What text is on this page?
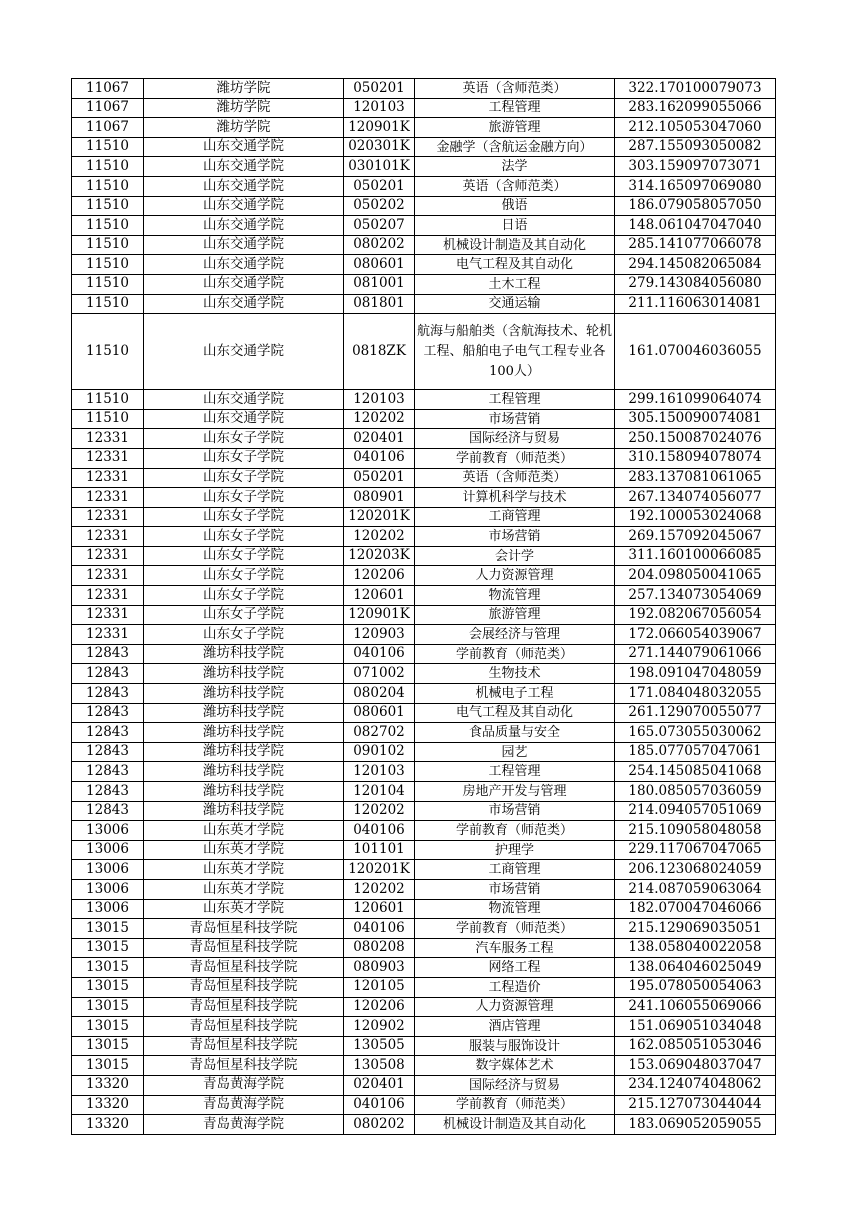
11067	潍坊学院	050201	英语（含师范类）	322.170100079073
11067	潍坊学院	120103	工程管理	283.162099055066
11067	潍坊学院	120901K	旅游管理	212.105053047060
11510	山东交通学院	020301K	金融学（含航运金融方向）	287.155093050082
11510	山东交通学院	030101K	法学	303.159097073071
11510	山东交通学院	050201	英语（含师范类）	314.165097069080
11510	山东交通学院	050202	俄语	186.079058057050
11510	山东交通学院	050207	日语	148.061047047040
11510	山东交通学院	080202	机械设计制造及其自动化	285.141077066078
11510	山东交通学院	080601	电气工程及其自动化	294.145082065084
11510	山东交通学院	081001	土木工程	279.143084056080
11510	山东交通学院	081801	交通运输	211.116063014081
11510	山东交通学院	0818ZK	航海与船舶类（含航海技术、轮机工程、船舶电子电气工程专业各100人）	161.070046036055
11510	山东交通学院	120103	工程管理	299.161099064074
11510	山东交通学院	120202	市场营销	305.150090074081
12331	山东女子学院	020401	国际经济与贸易	250.150087024076
12331	山东女子学院	040106	学前教育（师范类）	310.158094078074
12331	山东女子学院	050201	英语（含师范类）	283.137081061065
12331	山东女子学院	080901	计算机科学与技术	267.134074056077
12331	山东女子学院	120201K	工商管理	192.100053024068
12331	山东女子学院	120202	市场营销	269.157092045067
12331	山东女子学院	120203K	会计学	311.160100066085
12331	山东女子学院	120206	人力资源管理	204.098050041065
12331	山东女子学院	120601	物流管理	257.134073054069
12331	山东女子学院	120901K	旅游管理	192.082067056054
12331	山东女子学院	120903	会展经济与管理	172.066054039067
12843	潍坊科技学院	040106	学前教育（师范类）	271.144079061066
12843	潍坊科技学院	071002	生物技术	198.091047048059
12843	潍坊科技学院	080204	机械电子工程	171.084048032055
12843	潍坊科技学院	080601	电气工程及其自动化	261.129070055077
12843	潍坊科技学院	082702	食品质量与安全	165.073055030062
12843	潍坊科技学院	090102	园艺	185.077057047061
12843	潍坊科技学院	120103	工程管理	254.145085041068
12843	潍坊科技学院	120104	房地产开发与管理	180.085057036059
12843	潍坊科技学院	120202	市场营销	214.094057051069
13006	山东英才学院	040106	学前教育（师范类）	215.109058048058
13006	山东英才学院	101101	护理学	229.117067047065
13006	山东英才学院	120201K	工商管理	206.123068024059
13006	山东英才学院	120202	市场营销	214.087059063064
13006	山东英才学院	120601	物流管理	182.070047046066
13015	青岛恒星科技学院	040106	学前教育（师范类）	215.129069035051
13015	青岛恒星科技学院	080208	汽车服务工程	138.058040022058
13015	青岛恒星科技学院	080903	网络工程	138.064046025049
13015	青岛恒星科技学院	120105	工程造价	195.078050054063
13015	青岛恒星科技学院	120206	人力资源管理	241.106055069066
13015	青岛恒星科技学院	120902	酒店管理	151.069051034048
13015	青岛恒星科技学院	130505	服装与服饰设计	162.085051053046
13015	青岛恒星科技学院	130508	数字媒体艺术	153.069048037047
13320	青岛黄海学院	020401	国际经济与贸易	234.124074048062
13320	青岛黄海学院	040106	学前教育（师范类）	215.127073044044
13320	青岛黄海学院	080202	机械设计制造及其自动化	183.069052059055
